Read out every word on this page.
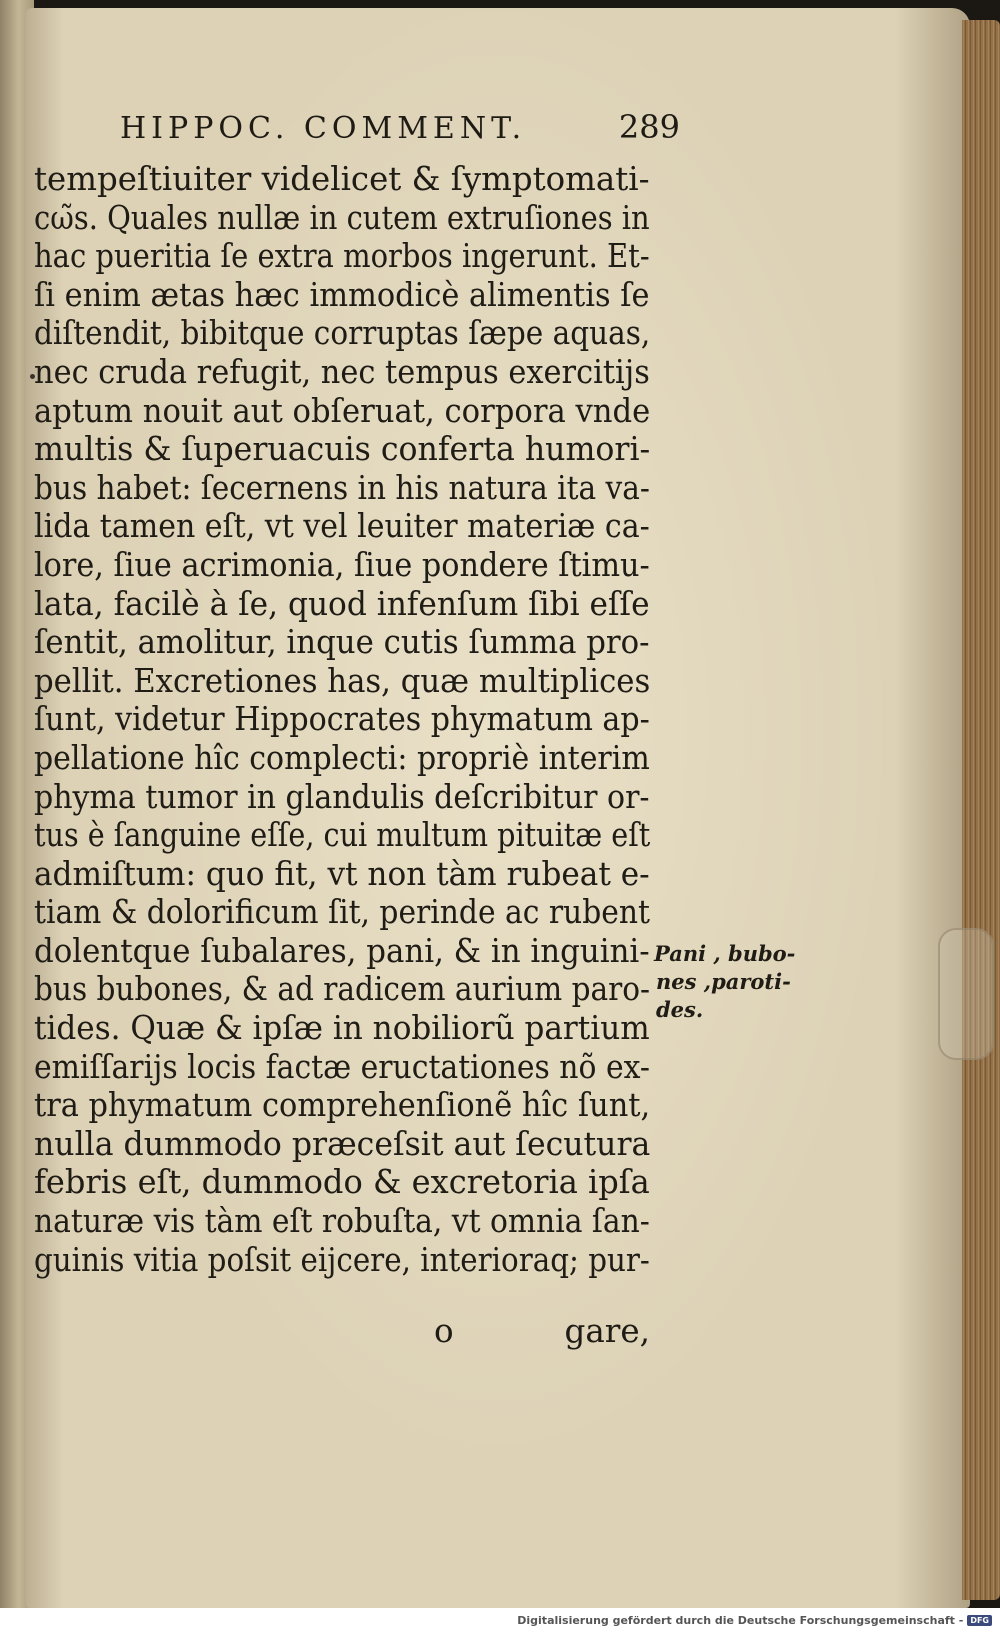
HIPPOC. COMMENT.	289
tempeſtiuiter videlicet & ſymptomati-
cω̃s. Quales nullæ in cutem extruſiones in
hac pueritia ſe extra morbos ingerunt. Et-
ſi enim ætas hæc immodicè alimentis ſe
diſtendit, bibitque corruptas ſæpe aquas,
nec cruda refugit, nec tempus exercitijs
aptum nouit aut obſeruat, corpora vnde
multis & ſuperuacuis conferta humori-
bus habet: ſecernens in his natura ita va-
lida tamen eſt, vt vel leuiter materiæ ca-
lore, ſiue acrimonia, ſiue pondere ſtimu-
lata, facilè à ſe, quod infenſum ſibi eſſe
ſentit, amolitur, inque cutis ſumma pro-
pellit. Excretiones has, quæ multiplices
ſunt, videtur Hippocrates phymatum ap-
pellatione hîc complecti: propriè interim
phyma tumor in glandulis deſcribitur or-
tus è ſanguine eſſe, cui multum pituitæ eſt
admiſtum: quo fit, vt non tàm rubeat e-
tiam & dolorificum ſit, perinde ac rubent
dolentque ſubalares, pani, & in inguini-
bus bubones, & ad radicem aurium paro-
tides. Quæ & ipſæ in nobiliorũ partium
emiſſarijs locis factæ eructationes nõ ex-
tra phymatum comprehenſionẽ hîc ſunt,
nulla dummodo præceſsit aut ſecutura
febris eſt, dummodo & excretoria ipſa
naturæ vis tàm eſt robuſta, vt omnia ſan-
guinis vitia poſsit eijcere, interioraq; pur-
o	gare,
Pani , bubo-
nes ,paroti-
des.
Digitalisierung gefördert durch die Deutsche Forschungsgemeinschaft - DFG
